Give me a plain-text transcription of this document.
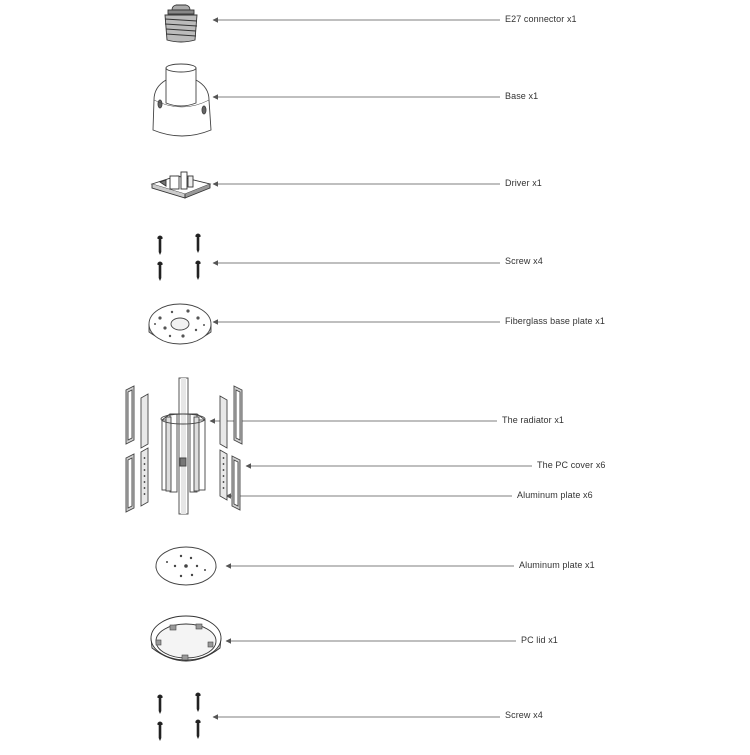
E27 connector x1
Base x1
Driver x1
Screw x4
Fiberglass base plate x1
The radiator x1
The PC cover x6
Aluminum plate x6
Aluminum plate x1
PC lid x1
Screw x4
